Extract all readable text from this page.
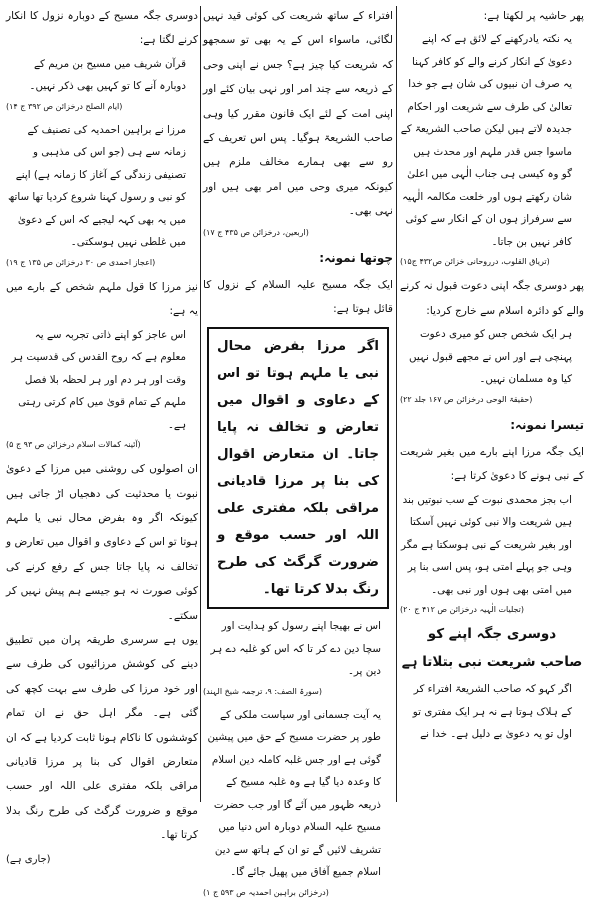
پھر حاشیہ پر لکھتا ہے:

یہ نکتہ یادرکھنے کے لائق ہے کہ اپنے دعویٰ کے انکار کرنے والے کو کافر کہنا یہ صرف ان نبیوں کی شان ہے جو خدا تعالیٰ کی طرف سے شریعت اور احکام جدیدہ لاتے ہیں لیکن صاحب الشریعۃ کے ماسوا جس قدر ملہم اور محدث ہیں گو وہ کیسی ہی جناب الٰہی میں اعلیٰ شان رکھتے ہوں اور خلعت مکالمہ الٰہیہ سے سرفراز ہوں ان کے انکار سے کوئی کافر نہیں بن جاتا۔

(تریاق القلوب، درروحانی خزائن ص۴۳۲ ج۱۵)

پھر دوسری جگہ اپنی دعوت قبول نہ کرنے والے کو دائرہ اسلام سے خارج کردیا:

ہر ایک شخص جس کو میری دعوت پہنچی ہے اور اس نے مجھے قبول نہیں کیا وہ مسلمان نہیں۔

(حقیقۃ الوحی درخزائن ص ۱۶۷ جلد ۲۲)
تیسرا نمونہ:

ایک جگہ مرزا اپنے بارے میں بغیر شریعت کے نبی ہونے کا دعویٰ کرتا ہے:

اب بجز محمدی نبوت کے سب نبوتیں بند ہیں شریعت والا نبی کوئی نہیں آسکتا اور بغیر شریعت کے نبی ہوسکتا ہے مگر وہی جو پہلے امتی ہو، پس اسی بنا پر میں امتی بھی ہوں اور نبی بھی۔

(تجلیات الٰہیہ درخزائن ص ۴۱۲ ج ۲۰)
دوسری جگہ اپنے کو
صاحب شریعت نبی بتلاتا ہے

اگر کہو کہ صاحب الشریعۃ افتراء کر کے ہلاک ہوتا ہے نہ ہر ایک مفتری تو اول تو یہ دعویٰ بے دلیل ہے۔ خدا نے

افتراء کے ساتھ شریعت کی کوئی قید نہیں لگائی، ماسواء اس کے یہ بھی تو سمجھو کہ شریعت کیا چیز ہے؟ جس نے اپنی وحی کے ذریعہ سے چند امر اور نہی بیان کئے اور اپنی امت کے لئے ایک قانون مقرر کیا وہی صاحب الشریعۃ ہوگیا۔ پس اس تعریف کے رو سے بھی ہمارے مخالف ملزم ہیں کیونکہ میری وحی میں امر بھی ہیں اور نہی بھی۔

(اربعین، درخزائن ص ۴۳۵ ج ۱۷)
چوتھا نمونہ:

ایک جگہ مسیح علیہ السلام کے نزول کا قائل ہوتا ہے:

اگر مرزا بفرض محال نبی یا ملہم ہوتا تو اس کے دعاوی و اقوال میں تعارض و تخالف نہ پایا جاتا۔ ان متعارض اقوال کی بنا پر مرزا قادیانی مراقی بلکہ مفتری علی اللہ اور حسب موقع و ضرورت گرگٹ کی طرح رنگ بدلا کرتا تھا۔

اس نے بھیجا اپنے رسول کو ہدایت اور سچا دین دے کر تا کہ اس کو غلبہ دے ہر دین پر۔

(سورۃ الصف: ۹، ترجمہ شیخ الہند)

یہ آیت جسمانی اور سیاست ملکی کے طور پر حضرت مسیح کے حق میں پیشین گوئی ہے اور جس غلبہ کاملہ دین اسلام کا وعدہ دیا گیا ہے وہ غلبہ مسیح کے ذریعہ ظہور میں آئے گا اور جب حضرت مسیح علیہ السلام دوبارہ اس دنیا میں تشریف لائیں گے تو ان کے ہاتھ سے دین اسلام جمیع آفاق میں پھیل جائے گا۔

(درخزائن براہین احمدیہ ص ۵۹۳ ج ۱)

دوسری جگہ مسیح کے دوبارہ نزول کا انکار کرنے لگتا ہے:

قرآن شریف میں مسیح بن مریم کے دوبارہ آنے کا تو کہیں بھی ذکر نہیں۔

(ایام الصلح درخزائن ص ۳۹۲ ج ۱۴)

مرزا نے براہین احمدیہ کی تصنیف کے زمانہ سے ہی (جو اس کی مذہبی و تصنیفی زندگی کے آغاز کا زمانہ ہے) اپنے کو نبی و رسول کہنا شروع کردیا تھا ساتھ میں یہ بھی کہہ لیجیے کہ اس کے دعویٰ میں غلطی نہیں ہوسکتی۔

(اعجاز احمدی ص ۳۰ درخزائن ص ۱۳۵ ج ۱۹)

نیز مرزا کا قول ملہم شخص کے بارے میں یہ ہے:

اس عاجز کو اپنے ذاتی تجربہ سے یہ معلوم ہے کہ روح القدس کی قدسیت ہر وقت اور ہر دم اور ہر لحظہ بلا فصل ملہم کے تمام قویٰ میں کام کرتی رہتی ہے۔

(آئینہ کمالات اسلام درخزائن ص ۹۳ ج ۵)

ان اصولوں کی روشنی میں مرزا کے دعویٰ نبوت یا محدثیت کی دھجیاں اڑ جاتی ہیں کیونکہ اگر وہ بفرض محال نبی یا ملہم ہوتا تو اس کے دعاوی و اقوال میں تعارض و تخالف نہ پایا جاتا جس کے رفع کرنے کی کوئی صورت نہ ہو جیسے ہم پیش نہیں کر سکتے۔

یوں ہے سرسری طریقہ پران میں تطبیق دینے کی کوشش مرزائیوں کی طرف سے اور خود مرزا کی طرف سے بہت کچھ کی گئی ہے۔ مگر اہل حق نے ان تمام کوششوں کا ناکام ہونا ثابت کردیا ہے کہ ان متعارض اقوال کی بنا پر مرزا قادیانی مراقی بلکہ مفتری علی اللہ اور حسب موقع و ضرورت گرگٹ کی طرح رنگ بدلا کرتا تھا۔

(جاری ہے)
